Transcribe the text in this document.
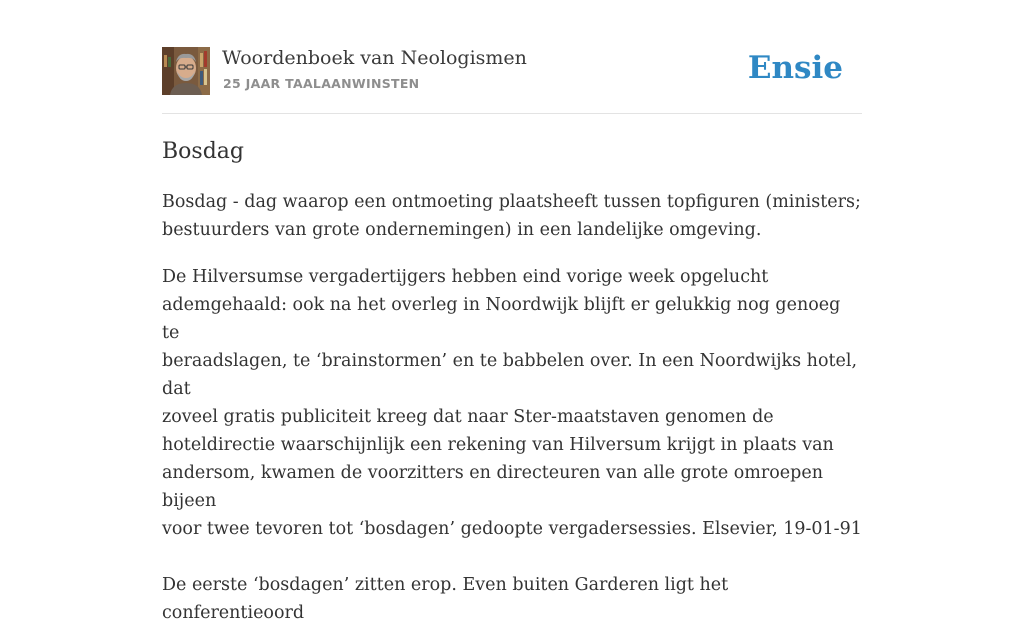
Woordenboek van Neologismen
25 JAAR TAALAANWINSTEN	Ensie
Bosdag

Bosdag - dag waarop een ontmoeting plaatsheeft tussen topfiguren (ministers;
bestuurders van grote ondernemingen) in een landelijke omgeving.

De Hilversumse vergadertijgers hebben eind vorige week opgelucht
ademgehaald: ook na het overleg in Noordwijk blijft er gelukkig nog genoeg te
beraadslagen, te ‘brainstormen’ en te babbelen over. In een Noordwijks hotel, dat
zoveel gratis publiciteit kreeg dat naar Ster-maatstaven genomen de
hoteldirectie waarschijnlijk een rekening van Hilversum krijgt in plaats van
andersom, kwamen de voorzitters en directeuren van alle grote omroepen bijeen
voor twee tevoren tot ‘bosdagen’ gedoopte vergadersessies. Elsevier, 19-01-91

De eerste ‘bosdagen’ zitten erop. Even buiten Garderen ligt het conferentieoord
